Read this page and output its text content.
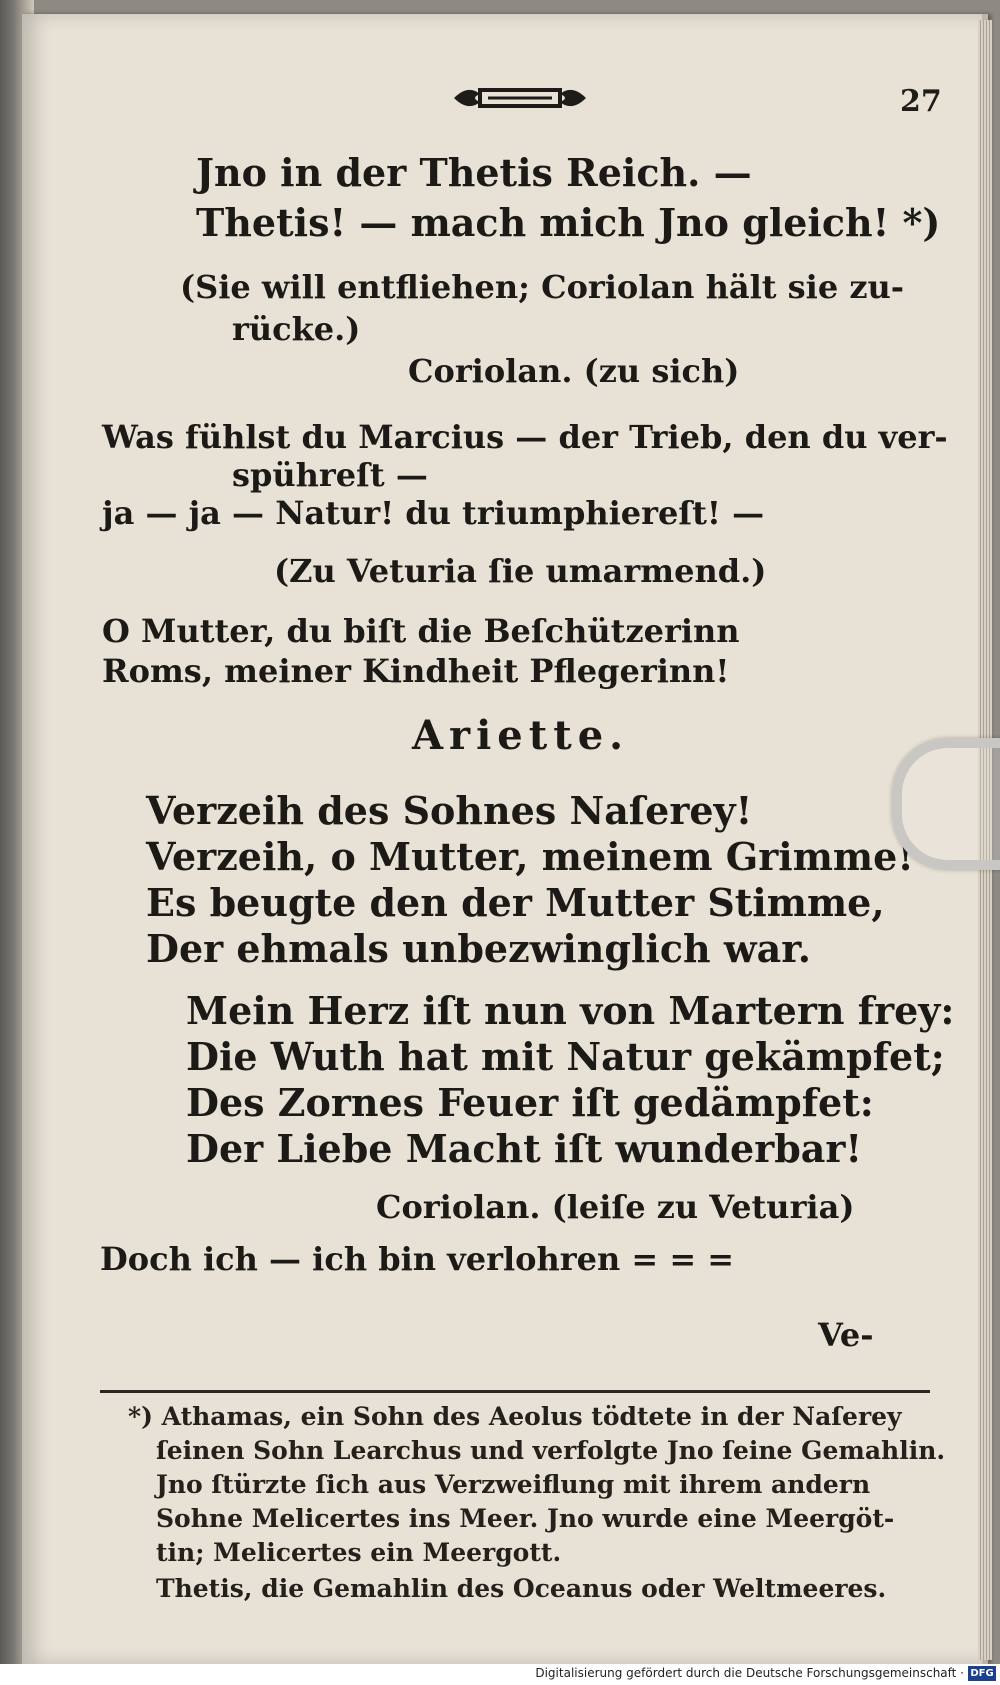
27
Jno in der Thetis Reich. —
Thetis! — mach mich Jno gleich! *)
(Sie will entfliehen; Coriolan hält sie zu-
rücke.)
Coriolan. (zu sich)
Was fühlst du Marcius — der Trieb, den du ver-
spühreſt —
ja — ja — Natur! du triumphiereſt! —
(Zu Veturia ſie umarmend.)
O Mutter, du biſt die Beſchützerinn
Roms, meiner Kindheit Pflegerinn!
Ariette.
Verzeih des Sohnes Naſerey!
Verzeih, o Mutter, meinem Grimme!
Es beugte den der Mutter Stimme,
Der ehmals unbezwinglich war.
Mein Herz iſt nun von Martern frey:
Die Wuth hat mit Natur gekämpfet;
Des Zornes Feuer iſt gedämpfet:
Der Liebe Macht iſt wunderbar!
Coriolan. (leiſe zu Veturia)
Doch ich — ich bin verlohren = = =
Ve-
*) Athamas, ein Sohn des Aeolus tödtete in der Naſerey
ſeinen Sohn Learchus und verfolgte Jno ſeine Gemahlin.
Jno ſtürzte ſich aus Verzweiflung mit ihrem andern
Sohne Melicertes ins Meer. Jno wurde eine Meergöt-
tin; Melicertes ein Meergott.
Thetis, die Gemahlin des Oceanus oder Weltmeeres.
Digitalisierung gefördert durch die Deutsche Forschungsgemeinschaft · DFG
